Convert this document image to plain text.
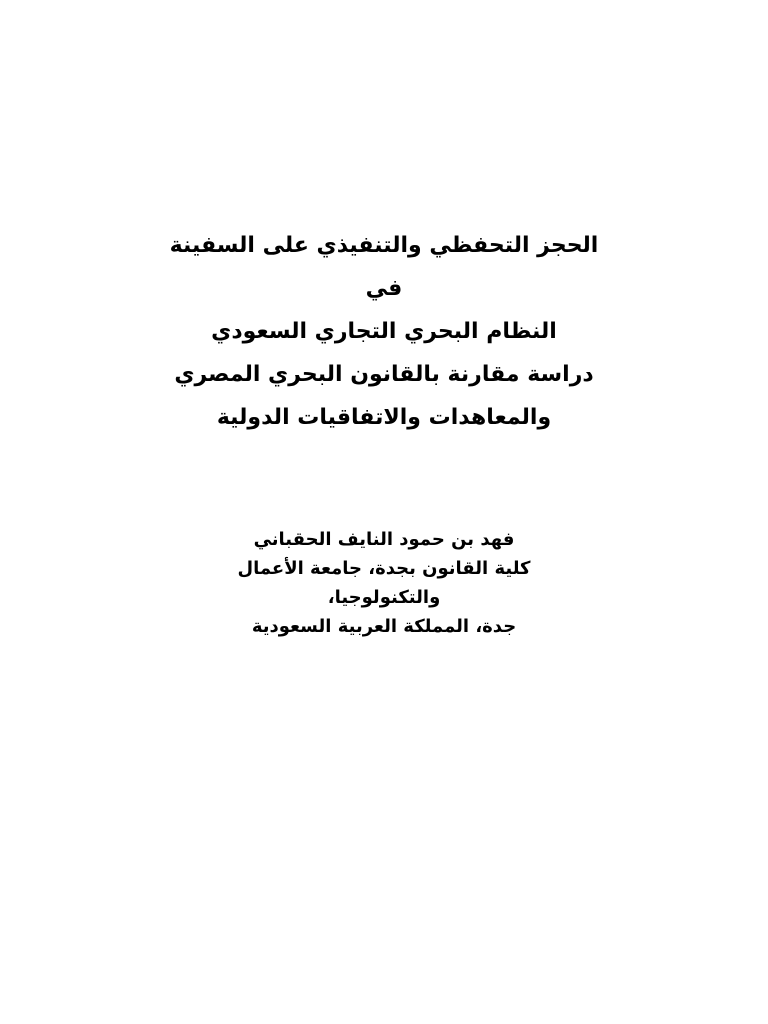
الحجز التحفظي والتنفيذي على السفينة
في
النظام البحري التجاري السعودي
دراسة مقارنة بالقانون البحري المصري
والمعاهدات والاتفاقيات الدولية
فهد بن حمود النايف الحقباني
كلية القانون بجدة، جامعة الأعمال
والتكنولوجيا،
جدة، المملكة العربية السعودية
